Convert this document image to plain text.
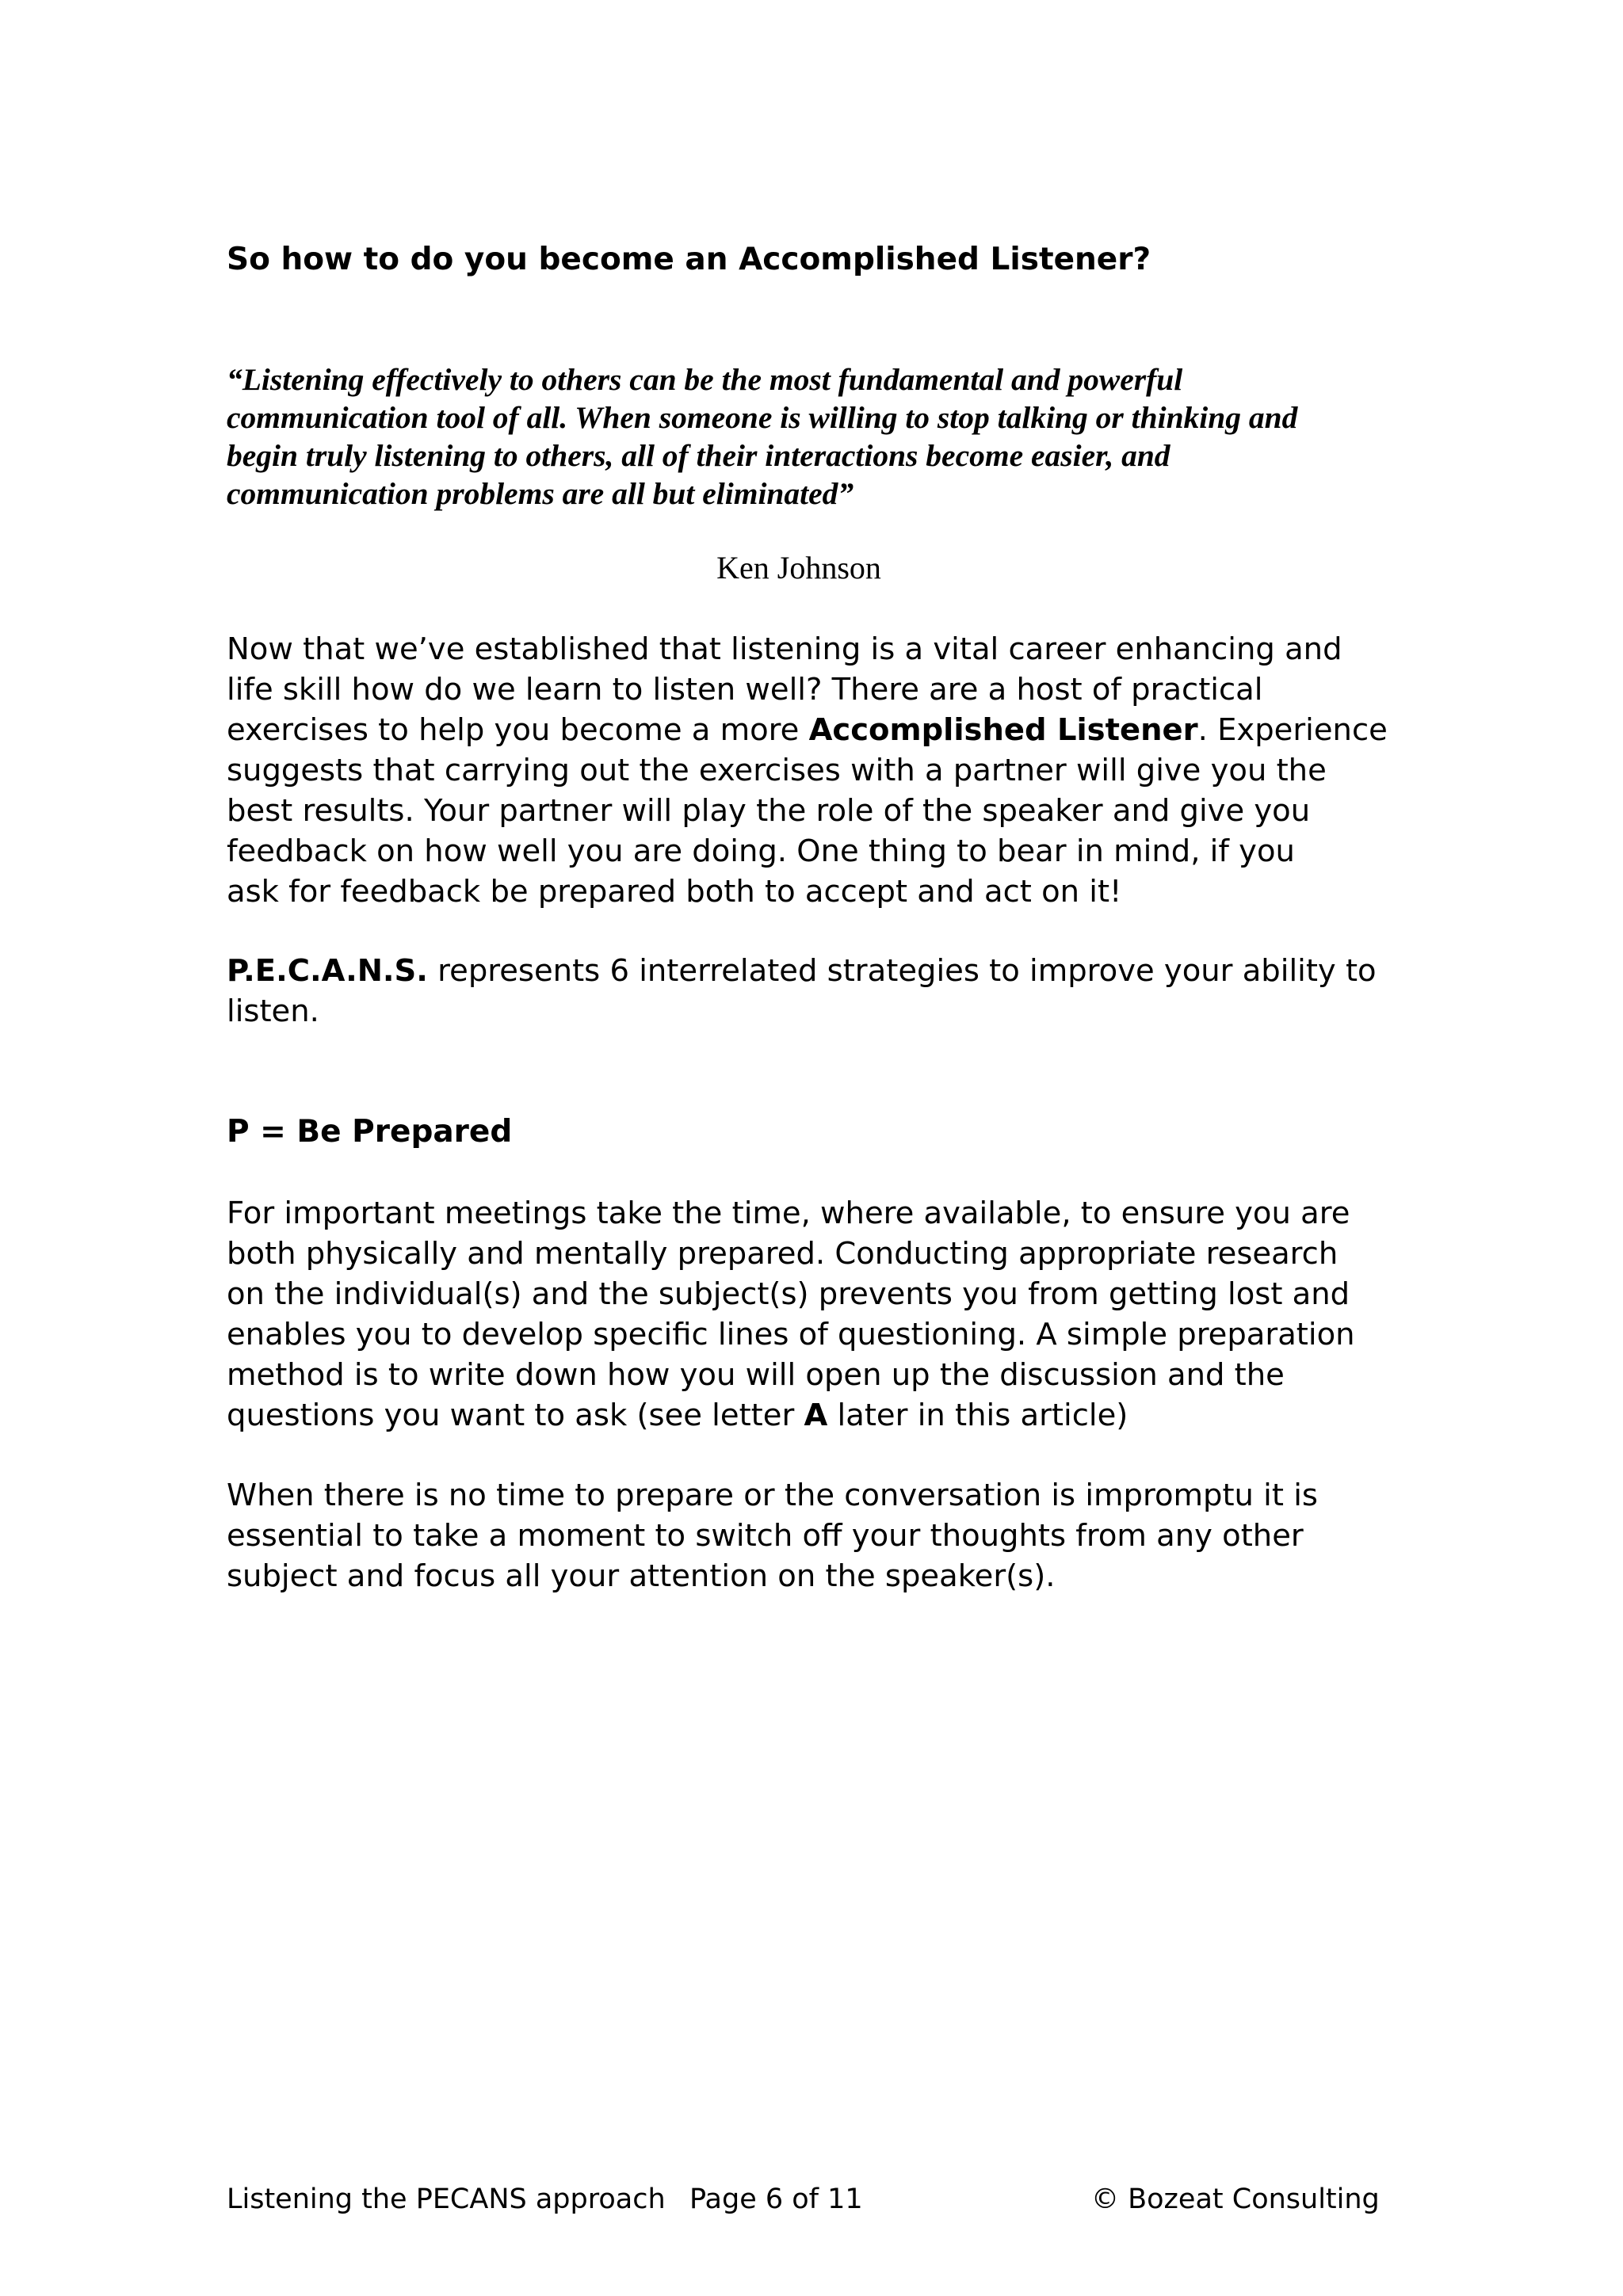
So how to do you become an Accomplished Listener?
“Listening effectively to others can be the most fundamental and powerful
communication tool of all. When someone is willing to stop talking or thinking and
begin truly listening to others, all of their interactions become easier, and
communication problems are all but eliminated”
Ken Johnson

Now that we’ve established that listening is a vital career enhancing and
life skill how do we learn to listen well? There are a host of practical
exercises to help you become a more Accomplished Listener. Experience
suggests that carrying out the exercises with a partner will give you the
best results. Your partner will play the role of the speaker and give you
feedback on how well you are doing. One thing to bear in mind, if you
ask for feedback be prepared both to accept and act on it!

P.E.C.A.N.S. represents 6 interrelated strategies to improve your ability to
listen.

P = Be Prepared

For important meetings take the time, where available, to ensure you are
both physically and mentally prepared. Conducting appropriate research
on the individual(s) and the subject(s) prevents you from getting lost and
enables you to develop specific lines of questioning. A simple preparation
method is to write down how you will open up the discussion and the
questions you want to ask (see letter A later in this article)

When there is no time to prepare or the conversation is impromptu it is
essential to take a moment to switch off your thoughts from any other
subject and focus all your attention on the speaker(s).

Listening the PECANS approach Page 6 of 11	© Bozeat Consulting
